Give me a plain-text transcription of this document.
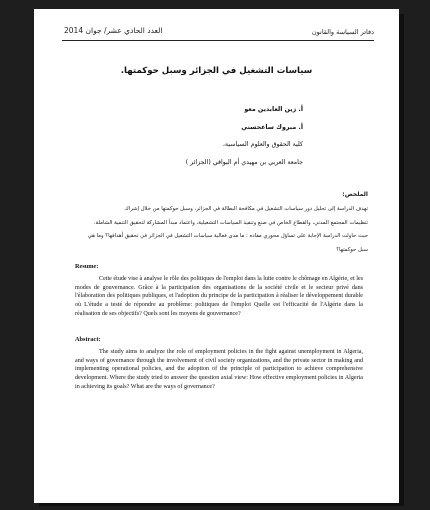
دفاتر السياسة والقانون
العدد الحادي عشر/ جوان 2014
سياسات التشغيل في الجزائر وسبل حوكمتها.
أ. زين العابدين معو
أ. مبروك ساعحسني
كلية الحقوق والعلوم السياسية،
جامعة العربي بن مهيدي أم البواقي (الجزائر )
الملخص:

تهدف الدراسة إلى تحليل دور سياسات التشغيل في مكافحة البطالة في الجزائر، وسبل حوكمتها من خلال إشراك

تنظيمات المجتمع المدني، والقطاع الخاص في صنع وتنفيذ السياسات التشغيلية، واعتماد مبدأ المشاركة لتحقيق التنمية الشاملة.

حيث حاولت الدراسة الإجابة على تساؤل محوري مفاده : ما مدى فعالية سياسات التشغيل في الجزائر في تحقيق أهدافها؟ وما هي

سبل حوكمتها؟

Resume:

Cette étude vise à analyse le rôle des politiques de l'emploi dans la lutte contre le chômage en Algérie, et les modes de gouvernance. Grâce à la participation des organisations de la société civile et le secteur privé dans l'élaboration des politiques publiques, et l'adoption du principe de la participation à réaliser le développement durable où L'étude a testé de répondre au problème: politiques de l'emploi Quelle est l'efficacité de l'Algérie dans la réalisation de ses objectifs? Quels sont les moyens de gouvernance?

Abstract:

The study aims to analyze the role of employment policies in the fight against unemployment in Algeria, and ways of governance through the involvement of civil society organizations, and the private sector in making and implementing operational policies, and the adoption of the principle of participation to achieve comprehensive development. Where the study tried to answer the question axial view: How effective employment policies in Algeria in achieving its goals? What are the ways of governance?
